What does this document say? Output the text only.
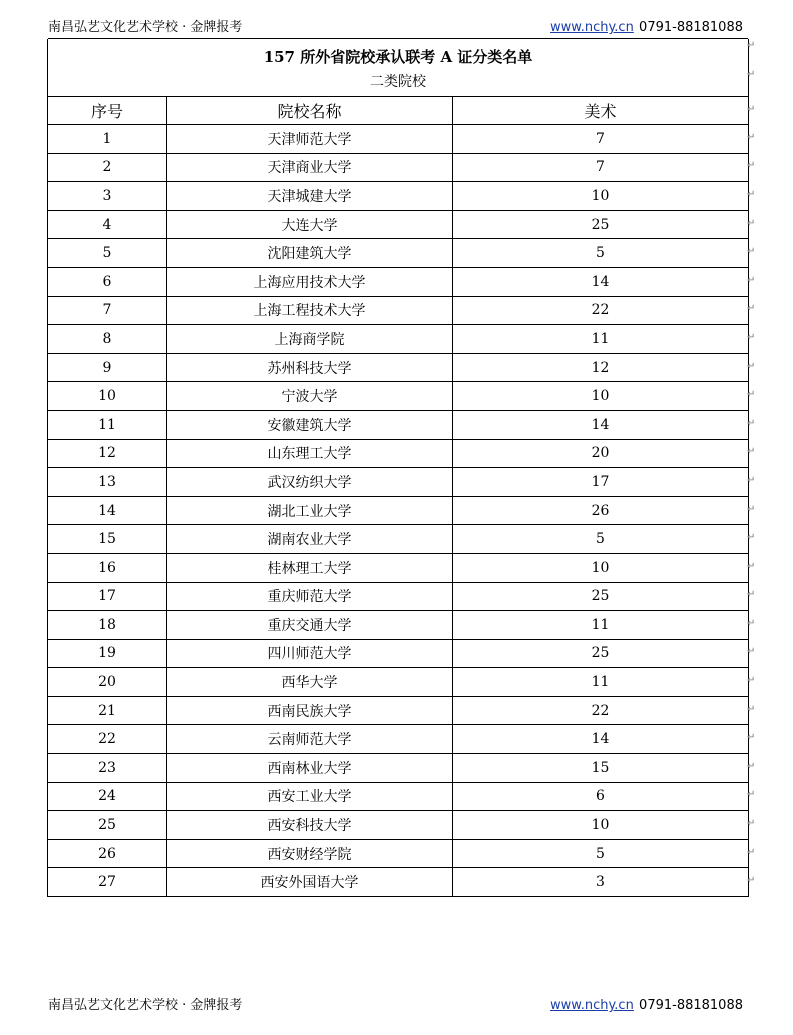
南昌弘艺文化艺术学校 · 金牌报考	www.nchy.cn 0791-88181088
157 所外省院校承认联考 A 证分类名单
二类院校		

序号	院校名称	美术
1	天津师范大学	7
2	天津商业大学	7
3	天津城建大学	10
4	大连大学	25
5	沈阳建筑大学	5
6	上海应用技术大学	14
7	上海工程技术大学	22
8	上海商学院	11
9	苏州科技大学	12
10	宁波大学	10
11	安徽建筑大学	14
12	山东理工大学	20
13	武汉纺织大学	17
14	湖北工业大学	26
15	湖南农业大学	5
16	桂林理工大学	10
17	重庆师范大学	25
18	重庆交通大学	11
19	四川师范大学	25
20	西华大学	11
21	西南民族大学	22
22	云南师范大学	14
23	西南林业大学	15
24	西安工业大学	6
25	西安科技大学	10
26	西安财经学院	5
27	西安外国语大学	3
↵
↵
↵
↵
↵
↵
↵
↵
↵
↵
↵
↵
↵
↵
↵
↵
↵
↵
↵
↵
↵
↵
↵
↵
↵
↵
↵
↵
↵
↵
南昌弘艺文化艺术学校 · 金牌报考	www.nchy.cn 0791-88181088
